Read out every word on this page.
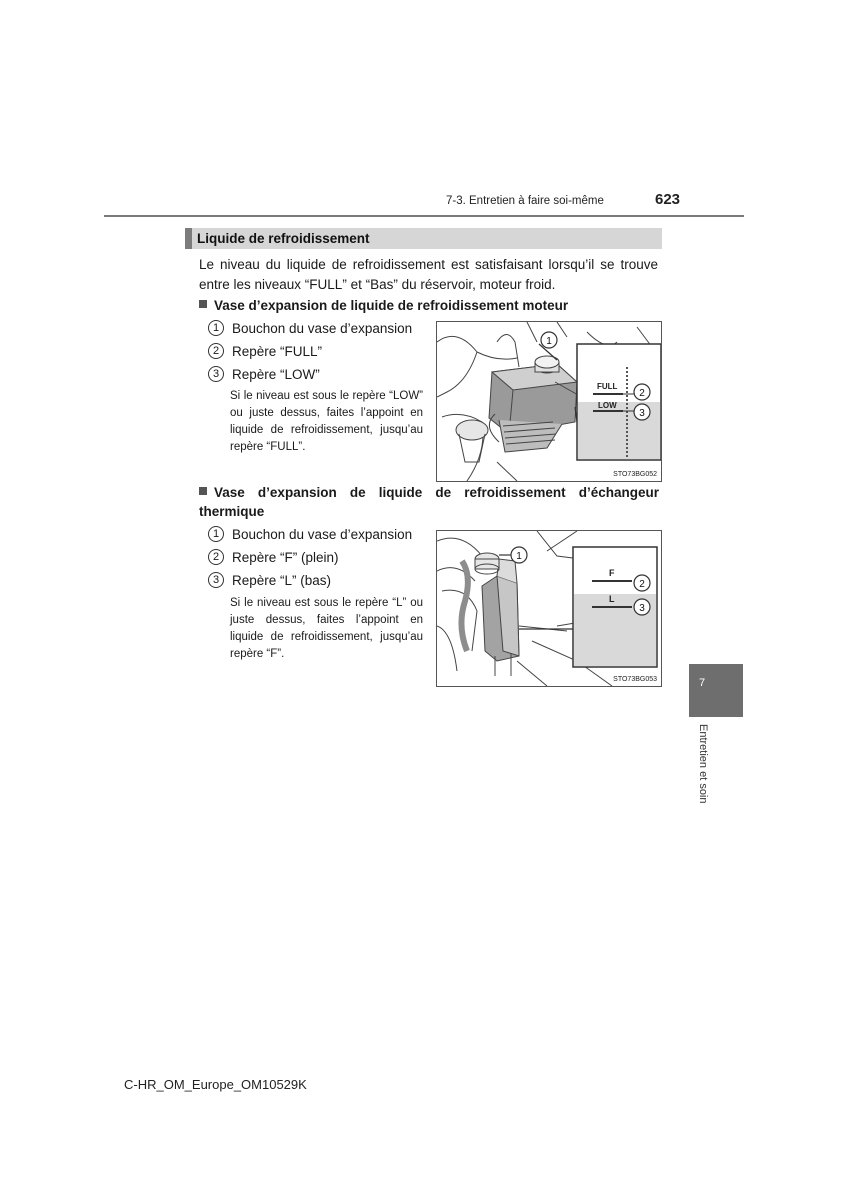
7-3. Entretien à faire soi-même	623
Liquide de refroidissement
Le niveau du liquide de refroidissement est satisfaisant lorsqu’il se trouve entre les niveaux “FULL” et “Bas” du réservoir, moteur froid.
Vase d’expansion de liquide de refroidissement moteur
1 Bouchon du vase d’expansion
2 Repère “FULL”
3 Repère “LOW”
Si le niveau est sous le repère “LOW” ou juste dessus, faites l’appoint en liquide de refroidissement, jusqu’au repère “FULL”.
1
FULL
LOW
2
3
STO73BG052
Vase d’expansion de liquide de refroidissement d’échangeur thermique
1 Bouchon du vase d’expansion
2 Repère “F” (plein)
3 Repère “L” (bas)
Si le niveau est sous le repère “L” ou juste dessus, faites l’appoint en liquide de refroidissement, jusqu’au repère “F”.
1
F
L
2
3
STO73BG053	7
Entretien et soin
C-HR_OM_Europe_OM10529K
